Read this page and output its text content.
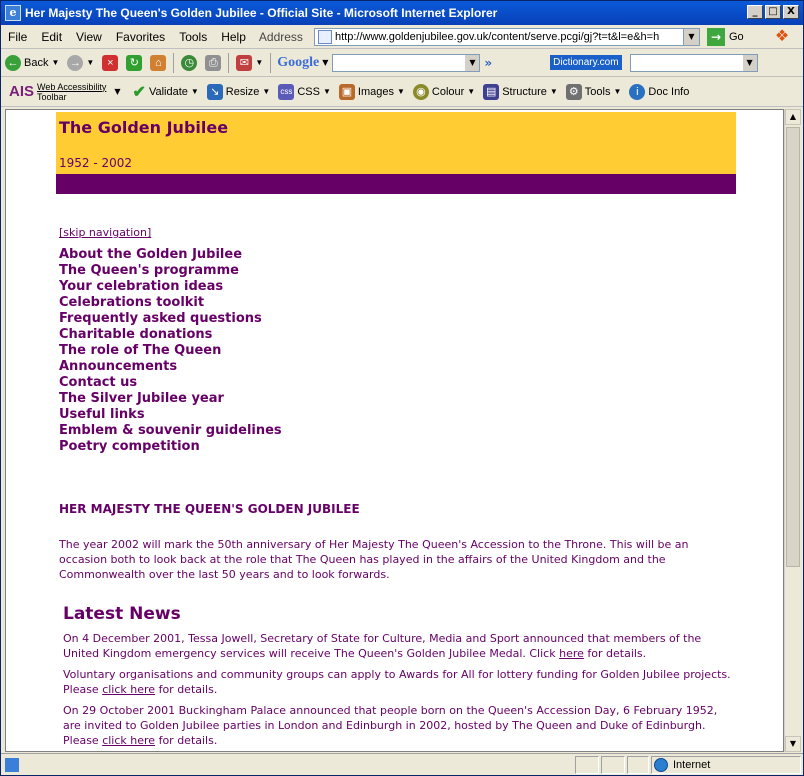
e Her Majesty The Queen's Golden Jubilee - Official Site - Microsoft Internet Explorer	_	□ X
File	Edit	View	Favorites	Tools	Help	Address	http://www.goldenjubilee.gov.uk/content/serve.pcgi/gj?t=t&l=e&h=h	▼	→ Go	❖
← Back ▼ → ▼	×	↻	⌂	◷	⎙	✉ ▼ Google ▼	▼ »	Dictionary.com	▼
AIS Web Accessibility
Toolbar	▼ ✔ Validate ▼	↘ Resize ▼ css CSS ▼ ▣ Images ▼ ◉ Colour ▼ ▤ Structure ▼ ⚙ Tools ▼	i Doc Info
The Golden Jubilee
1952 - 2002
[skip navigation]
About the Golden Jubilee
The Queen's programme
Your celebration ideas
Celebrations toolkit
Frequently asked questions
Charitable donations
The role of The Queen
Announcements
Contact us
The Silver Jubilee year
Useful links
Emblem & souvenir guidelines
Poetry competition
HER MAJESTY THE QUEEN'S GOLDEN JUBILEE
The year 2002 will mark the 50th anniversary of Her Majesty The Queen's Accession to the Throne. This will be an occasion both to look back at the role that The Queen has played in the affairs of the United Kingdom and the Commonwealth over the last 50 years and to look forwards.
Latest News

On 4 December 2001, Tessa Jowell, Secretary of State for Culture, Media and Sport announced that members of the United Kingdom emergency services will receive The Queen's Golden Jubilee Medal. Click here for details.

Voluntary organisations and community groups can apply to Awards for All for lottery funding for Golden Jubilee projects. Please click here for details.

On 29 October 2001 Buckingham Palace announced that people born on the Queen's Accession Day, 6 February 1952, are invited to Golden Jubilee parties in London and Edinburgh in 2002, hosted by The Queen and Duke of Edinburgh. Please click here for details.

▲
▼
Internet
